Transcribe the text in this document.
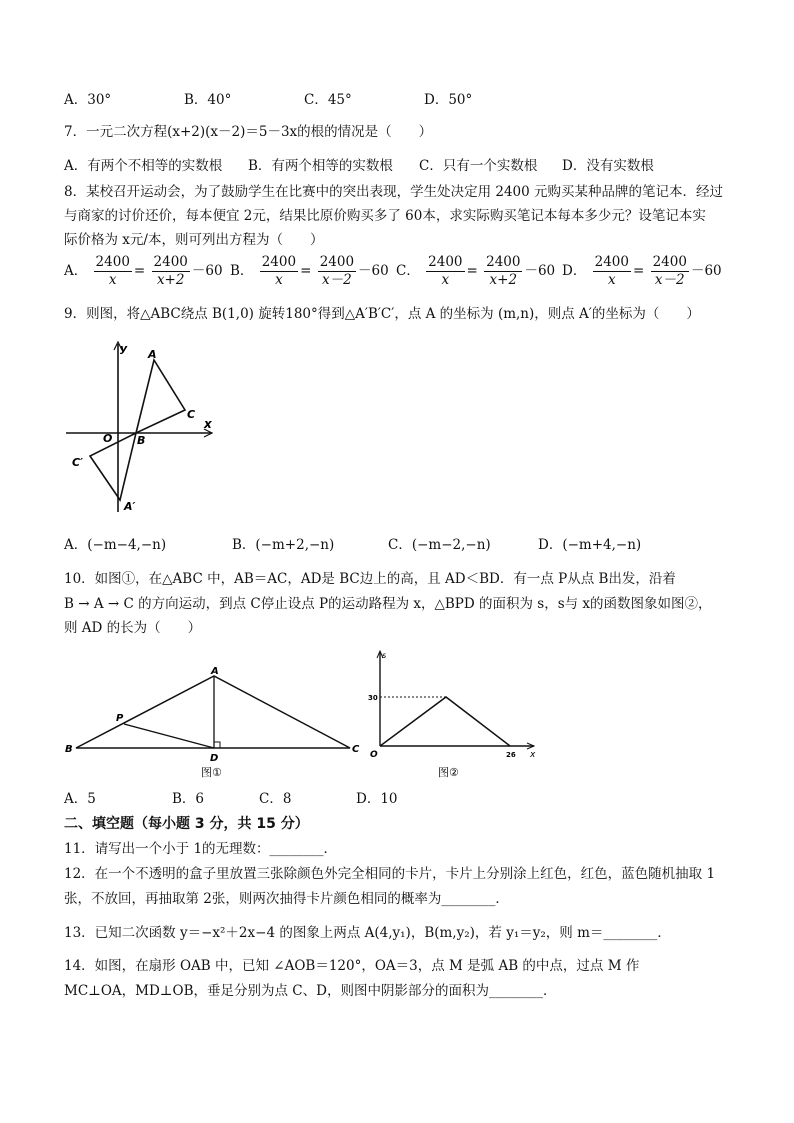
A．30°	B．40°	C．45°	D．50°
7．一元二次方程(x+2)(x－2)＝5－3x的根的情况是（　　）
A．有两个不相等的实数根 B．有两个相等的实数根 C．只有一个实数根 D．没有实数根
8．某校召开运动会，为了鼓励学生在比赛中的突出表现，学生处决定用 2400 元购买某种品牌的笔记本．经过
与商家的讨价还价，每本便宜 2元，结果比原价购买多了 60本，求实际购买笔记本每本多少元？设笔记本实
际价格为 x元/本，则可列出方程为（　　）
A． $\frac{2400}{x} = \frac{2400}{x+2} -60$ B． $\frac{2400}{x} = \frac{2400}{x-2} -60$ C． $\frac{2400}{x} = \frac{2400}{x+2} -60$ D． $\frac{2400}{x} = \frac{2400}{x-2} -60$
9．则图，将△ABC绕点 B(1,0) 旋转180°得到△A′B′C′，点 A 的坐标为 (m,n)，则点 A′的坐标为（　　）
y
x
A
C
O B
C′
A′
A．(−m−4,−n)	B．(−m+2,−n)	C．(−m−2,−n)	D．(−m+4,−n)
10．如图①，在△ABC 中，AB＝AC，AD是 BC边上的高，且 AD＜BD．有一点 P从点 B出发，沿着
B → A → C 的方向运动，到点 C停止设点 P的运动路程为 x，△BPD 的面积为 s，s与 x的函数图象如图②，
则 AD 的长为（　　）
A
P
B
D
C
图①
s
30
O	26 x
图②
A．5	B．6	C．8	D．10
二、填空题（每小题 3 分，共 15 分）
11．请写出一个小于 1的无理数：________．
12．在一个不透明的盒子里放置三张除颜色外完全相同的卡片，卡片上分别涂上红色，红色，蓝色随机抽取 1
张，不放回，再抽取第 2张，则两次抽得卡片颜色相同的概率为________．
13．已知二次函数 y＝−x²＋2x−4 的图象上两点 A(4,y₁)，B(m,y₂)，若 y₁＝y₂，则 m＝________．
14．如图，在扇形 OAB 中，已知 ∠AOB＝120°，OA＝3，点 M 是弧 AB 的中点，过点 M 作
MC⊥OA，MD⊥OB，垂足分别为点 C、D，则图中阴影部分的面积为________．
